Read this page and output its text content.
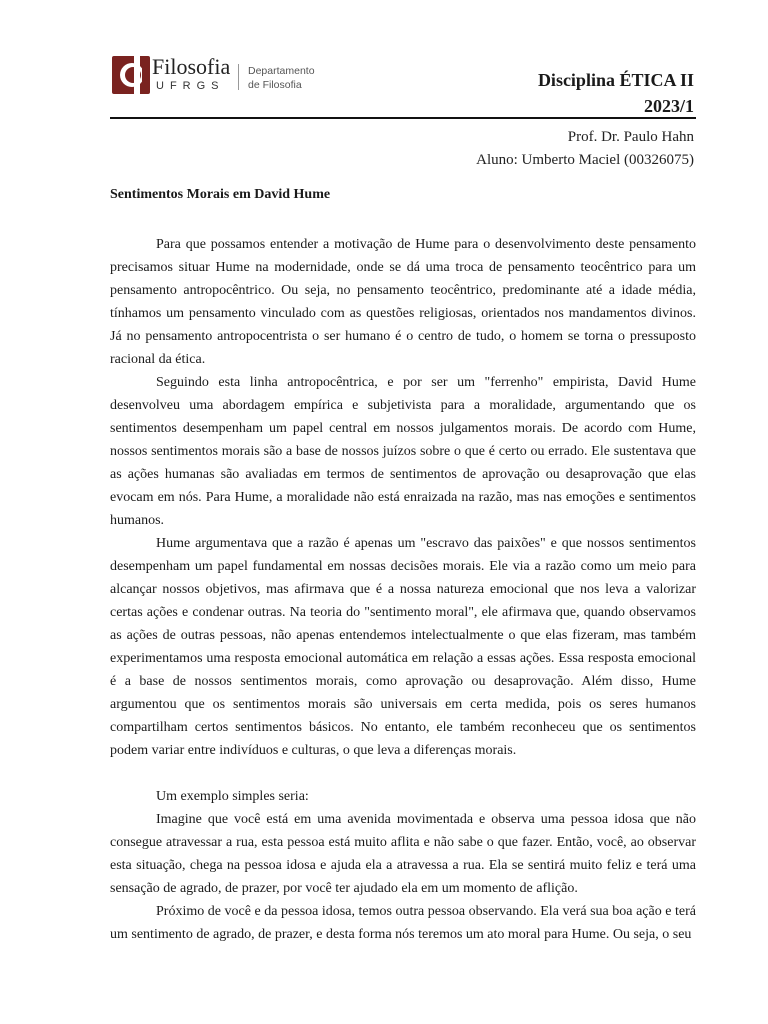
Filosofia
UFRGS
Departamento
de Filosofia	Disciplina ÉTICA II
2023/1
Prof. Dr. Paulo Hahn
Aluno: Umberto Maciel (00326075)
Sentimentos Morais em David Hume

Para que possamos entender a motivação de Hume para o desenvolvimento deste pensamento precisamos situar Hume na modernidade, onde se dá uma troca de pensamento teocêntrico para um pensamento antropocêntrico. Ou seja, no pensamento teocêntrico, predominante até a idade média, tínhamos um pensamento vinculado com as questões religiosas, orientados nos mandamentos divinos. Já no pensamento antropocentrista o ser humano é o centro de tudo, o homem se torna o pressuposto racional da ética.

Seguindo esta linha antropocêntrica, e por ser um "ferrenho" empirista, David Hume desenvolveu uma abordagem empírica e subjetivista para a moralidade, argumentando que os sentimentos desempenham um papel central em nossos julgamentos morais. De acordo com Hume, nossos sentimentos morais são a base de nossos juízos sobre o que é certo ou errado. Ele sustentava que as ações humanas são avaliadas em termos de sentimentos de aprovação ou desaprovação que elas evocam em nós. Para Hume, a moralidade não está enraizada na razão, mas nas emoções e sentimentos humanos.

Hume argumentava que a razão é apenas um "escravo das paixões" e que nossos sentimentos desempenham um papel fundamental em nossas decisões morais. Ele via a razão como um meio para alcançar nossos objetivos, mas afirmava que é a nossa natureza emocional que nos leva a valorizar certas ações e condenar outras. Na teoria do "sentimento moral", ele afirmava que, quando observamos as ações de outras pessoas, não apenas entendemos intelectualmente o que elas fizeram, mas também experimentamos uma resposta emocional automática em relação a essas ações. Essa resposta emocional é a base de nossos sentimentos morais, como aprovação ou desaprovação. Além disso, Hume argumentou que os sentimentos morais são universais em certa medida, pois os seres humanos compartilham certos sentimentos básicos. No entanto, ele também reconheceu que os sentimentos podem variar entre indivíduos e culturas, o que leva a diferenças morais.

Um exemplo simples seria:

Imagine que você está em uma avenida movimentada e observa uma pessoa idosa que não consegue atravessar a rua, esta pessoa está muito aflita e não sabe o que fazer. Então, você, ao observar esta situação, chega na pessoa idosa e ajuda ela a atravessa a rua. Ela se sentirá muito feliz e terá uma sensação de agrado, de prazer, por você ter ajudado ela em um momento de aflição.

Próximo de você e da pessoa idosa, temos outra pessoa observando. Ela verá sua boa ação e terá um sentimento de agrado, de prazer, e desta forma nós teremos um ato moral para Hume. Ou seja, o seu
